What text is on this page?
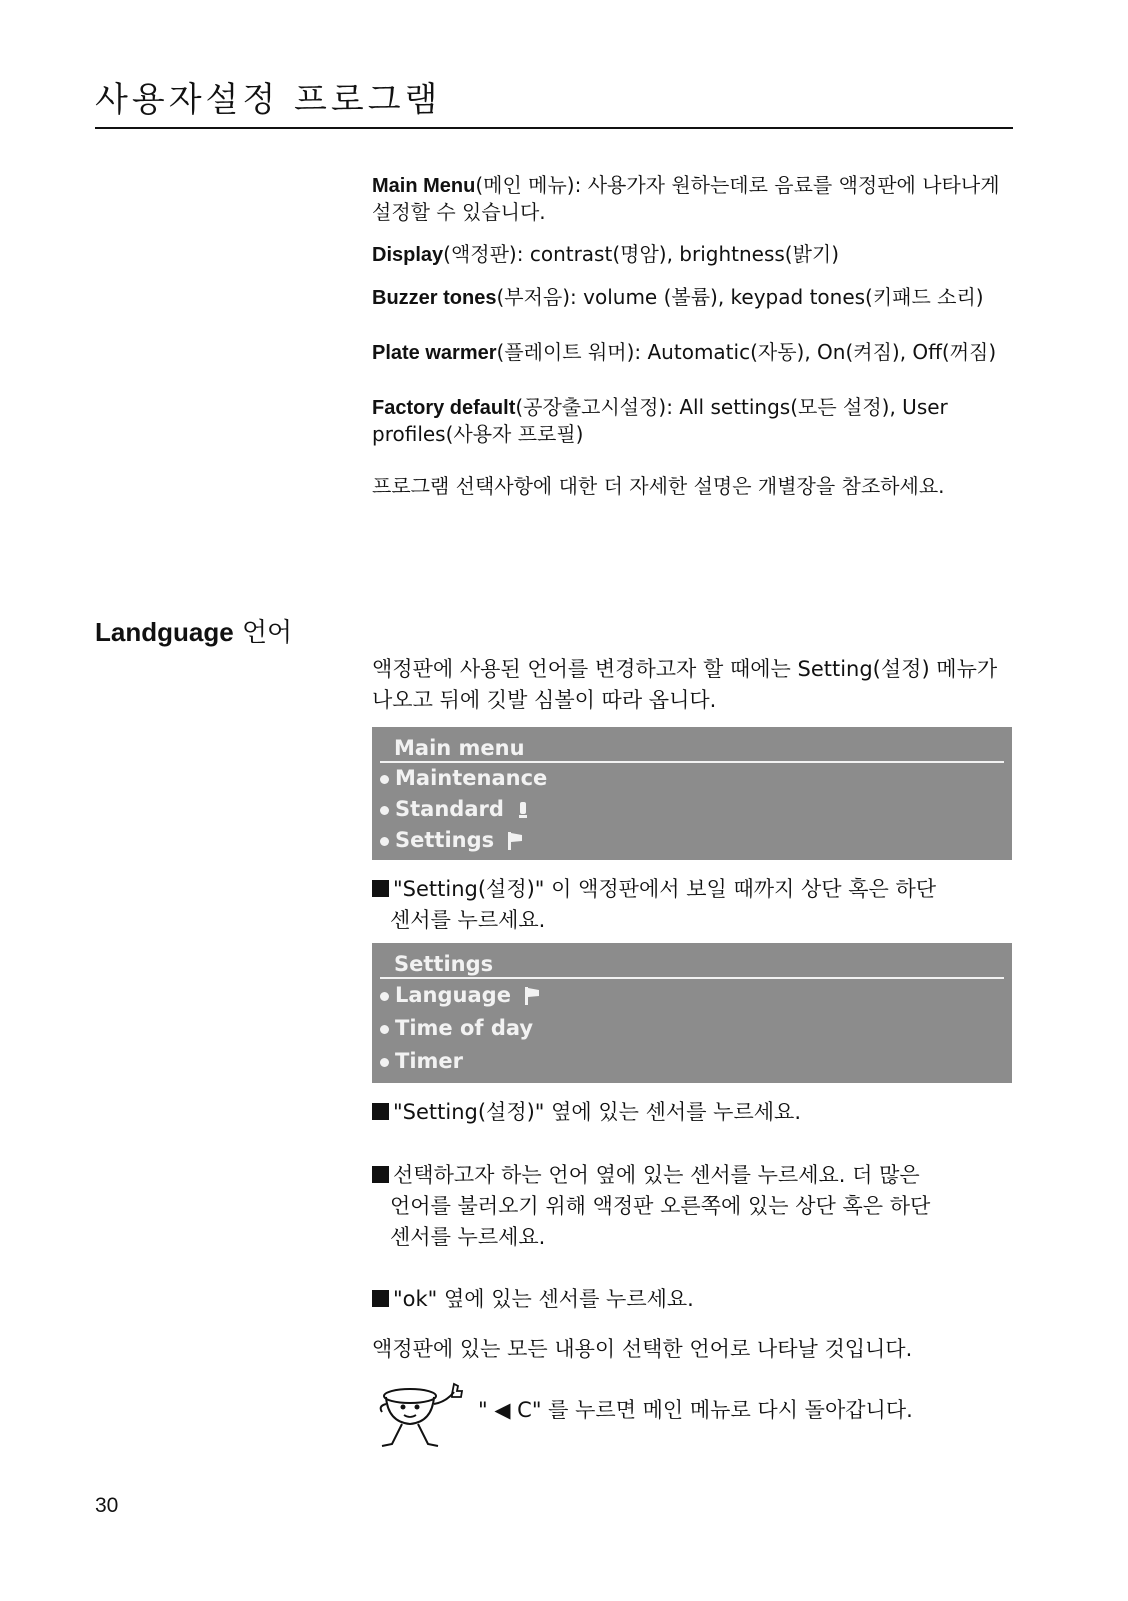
사용자설정 프로그램

Main Menu(메인 메뉴): 사용가자 원하는데로 음료를 액정판에 나타나게 설정할 수 있습니다.

Display(액정판): contrast(명암), brightness(밝기)

Buzzer tones(부저음): volume (볼륨), keypad tones(키패드 소리)

Plate warmer(플레이트 워머): Automatic(자동), On(켜짐), Off(꺼짐)

Factory default(공장출고시설정): All settings(모든 설정), User profiles(사용자 프로필)

프로그램 선택사항에 대한 더 자세한 설명은 개별장을 참조하세요.

Landguage 언어

액정판에 사용된 언어를 변경하고자 할 때에는 Setting(설정) 메뉴가 나오고 뒤에 깃발 심볼이 따라 옵니다.

Main menu
Maintenance
Standard
Settings

"Setting(설정)" 이 액정판에서 보일 때까지 상단 혹은 하단
센서를 누르세요.

Settings
Language
Time of day
Timer

"Setting(설정)" 옆에 있는 센서를 누르세요.

선택하고자 하는 언어 옆에 있는 센서를 누르세요. 더 많은
언어를 불러오기 위해 액정판 오른쪽에 있는 상단 혹은 하단
센서를 누르세요.

"ok" 옆에 있는 센서를 누르세요.

액정판에 있는 모든 내용이 선택한 언어로 나타날 것입니다.

" ◀ C" 를 누르면 메인 메뉴로 다시 돌아갑니다.

30
